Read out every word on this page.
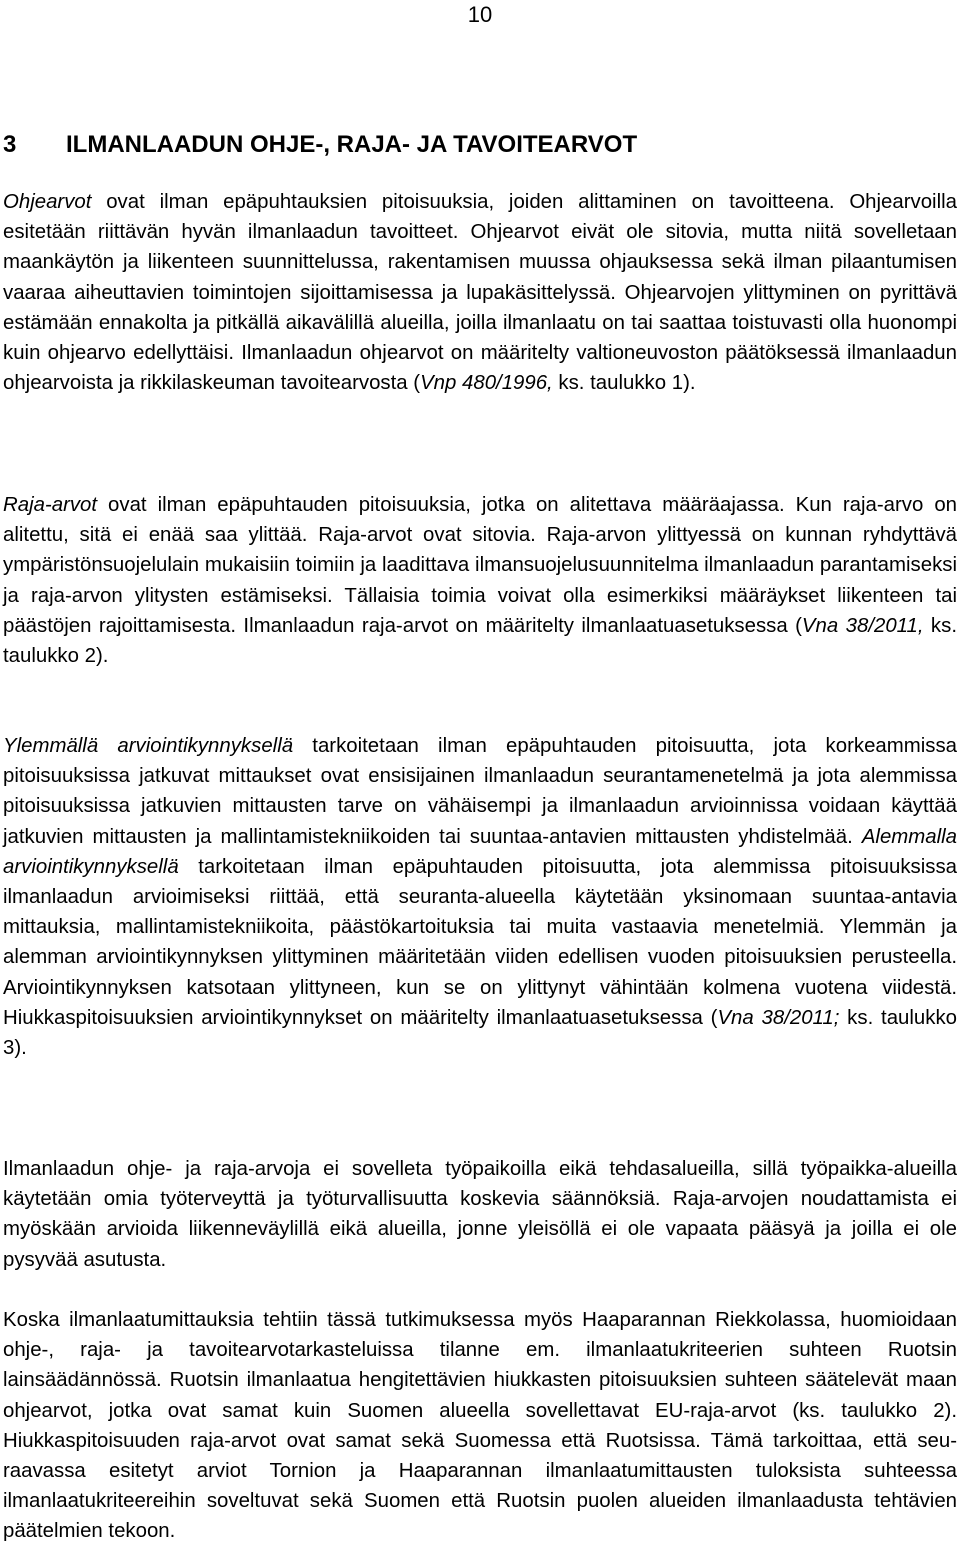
10
3 ILMANLAADUN OHJE-, RAJA- JA TAVOITEARVOT

Ohjearvot ovat ilman epäpuhtauksien pitoisuuksia, joiden alittaminen on tavoitteena. Ohjearvoilla esitetään riittävän hyvän ilmanlaadun tavoitteet. Ohjearvot eivät ole sitovia, mutta niitä sovelletaan maankäytön ja liikenteen suunnittelussa, rakentamisen muussa ohjauksessa sekä ilman pilaantumisen vaaraa aiheuttavien toimintojen sijoittamisessa ja lupakäsittelyssä. Ohjearvojen ylittyminen on pyrittävä estämään ennakolta ja pitkällä aikavälillä alueilla, joilla ilmanlaatu on tai saattaa toistuvasti olla huonompi kuin ohjearvo edellyttäisi. Ilmanlaadun ohjearvot on määritelty valtioneuvoston päätöksessä ilmanlaadun ohjearvoista ja rikkilaskeuman tavoitearvosta (Vnp 480/1996, ks. taulukko 1).

Raja-arvot ovat ilman epäpuhtauden pitoisuuksia, jotka on alitettava määräajassa. Kun raja-arvo on alitettu, sitä ei enää saa ylittää. Raja-arvot ovat sitovia. Raja-arvon ylittyessä on kunnan ryhdyttävä ympäristönsuojelulain mukaisiin toimiin ja laadittava ilmansuojelusuunnitelma ilmanlaadun parantamiseksi ja raja-arvon ylitysten estämiseksi. Tällaisia toimia voivat olla esimerkiksi määräykset liikenteen tai päästöjen rajoittamisesta. Ilmanlaadun raja-arvot on määritelty ilmanlaatuasetuksessa (Vna 38/2011, ks. taulukko 2).

Ylemmällä arviointikynnyksellä tarkoitetaan ilman epäpuhtauden pitoisuutta, jota korkeammissa pitoisuuksissa jatkuvat mittaukset ovat ensisijainen ilmanlaadun seurantamenetelmä ja jota alemmissa pitoisuuksissa jatkuvien mittausten tarve on vähäisempi ja ilmanlaadun arvioinnissa voidaan käyttää jatkuvien mittausten ja mallintamistekniikoiden tai suuntaa-antavien mittausten yhdistelmää. Alemmalla arviointikynnyksellä tarkoitetaan ilman epäpuhtauden pitoisuutta, jota alemmissa pitoisuuksissa ilmanlaadun arvioimiseksi riittää, että seuranta-alueella käytetään yksinomaan suuntaa-antavia mittauksia, mallintamistekniikoita, päästökartoituksia tai muita vastaavia menetelmiä. Ylemmän ja alemman arviointikynnyksen ylittyminen määritetään viiden edellisen vuoden pitoisuuksien perusteella. Arviointikynnyksen katsotaan ylittyneen, kun se on ylittynyt vähintään kolmena vuotena viidestä. Hiukkaspitoisuuksien arviointikynnykset on määritelty ilmanlaatuasetuksessa (Vna 38/2011; ks. taulukko 3).

Ilmanlaadun ohje- ja raja-arvoja ei sovelleta työpaikoilla eikä tehdasalueilla, sillä työpaikka-alueilla käytetään omia työterveyttä ja työturvallisuutta koskevia säännöksiä. Raja-arvojen noudattamista ei myöskään arvioida liikenneväylillä eikä alueilla, jonne yleisöllä ei ole vapaata pääsyä ja joilla ei ole pysyvää asutusta.

Koska ilmanlaatumittauksia tehtiin tässä tutkimuksessa myös Haaparannan Riekkolassa, huomioidaan ohje-, raja- ja tavoitearvotarkasteluissa tilanne em. ilmanlaatukriteerien suhteen Ruotsin lainsäädännössä. Ruotsin ilmanlaatua hengitettävien hiukkasten pitoisuuksien suhteen säätelevät maan ohjearvot, jotka ovat samat kuin Suomen alueella sovellettavat EU-raja-arvot (ks. taulukko 2). Hiukkaspitoisuuden raja-arvot ovat samat sekä Suomessa että Ruotsissa. Tämä tarkoittaa, että seuraavassa esitetyt arviot Tornion ja Haaparannan ilmanlaatumittausten tuloksista suhteessa ilmanlaatukriteereihin soveltuvat sekä Suomen että Ruotsin puolen alueiden ilmanlaadusta tehtävien päätelmien tekoon.
